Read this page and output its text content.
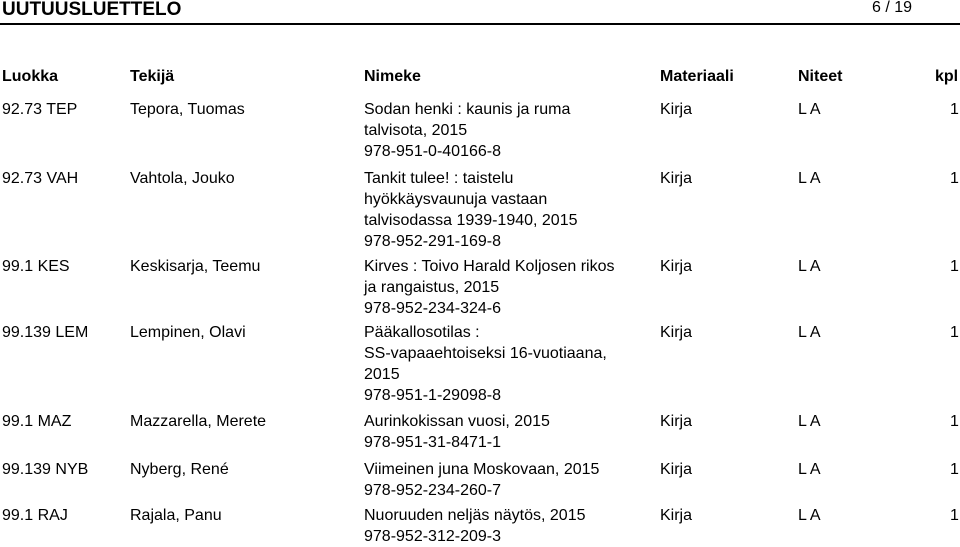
UUTUUSLUETTELO	6 / 19
Luokka	Tekijä	Nimeke	Materiaali	Niteet	kpl
92.73 TEP	Tepora, Tuomas	Sodan henki : kaunis ja ruma
talvisota, 2015
978-951-0-40166-8
Kirja	L A	1
92.73 VAH	Vahtola, Jouko	Tankit tulee! : taistelu
hyökkäysvaunuja vastaan
talvisodassa 1939-1940, 2015
978-952-291-169-8
Kirja	L A	1
99.1 KES	Keskisarja, Teemu	Kirves : Toivo Harald Koljosen rikos
ja rangaistus, 2015
978-952-234-324-6
Kirja	L A	1
99.139 LEM	Lempinen, Olavi	Pääkallosotilas :
SS-vapaaehtoiseksi 16-vuotiaana,
2015
978-951-1-29098-8
Kirja	L A	1
99.1 MAZ	Mazzarella, Merete	Aurinkokissan vuosi, 2015
978-951-31-8471-1
Kirja	L A	1
99.139 NYB	Nyberg, René	Viimeinen juna Moskovaan, 2015
978-952-234-260-7
Kirja	L A	1
99.1 RAJ	Rajala, Panu	Nuoruuden neljäs näytös, 2015
978-952-312-209-3
Kirja	L A	1
